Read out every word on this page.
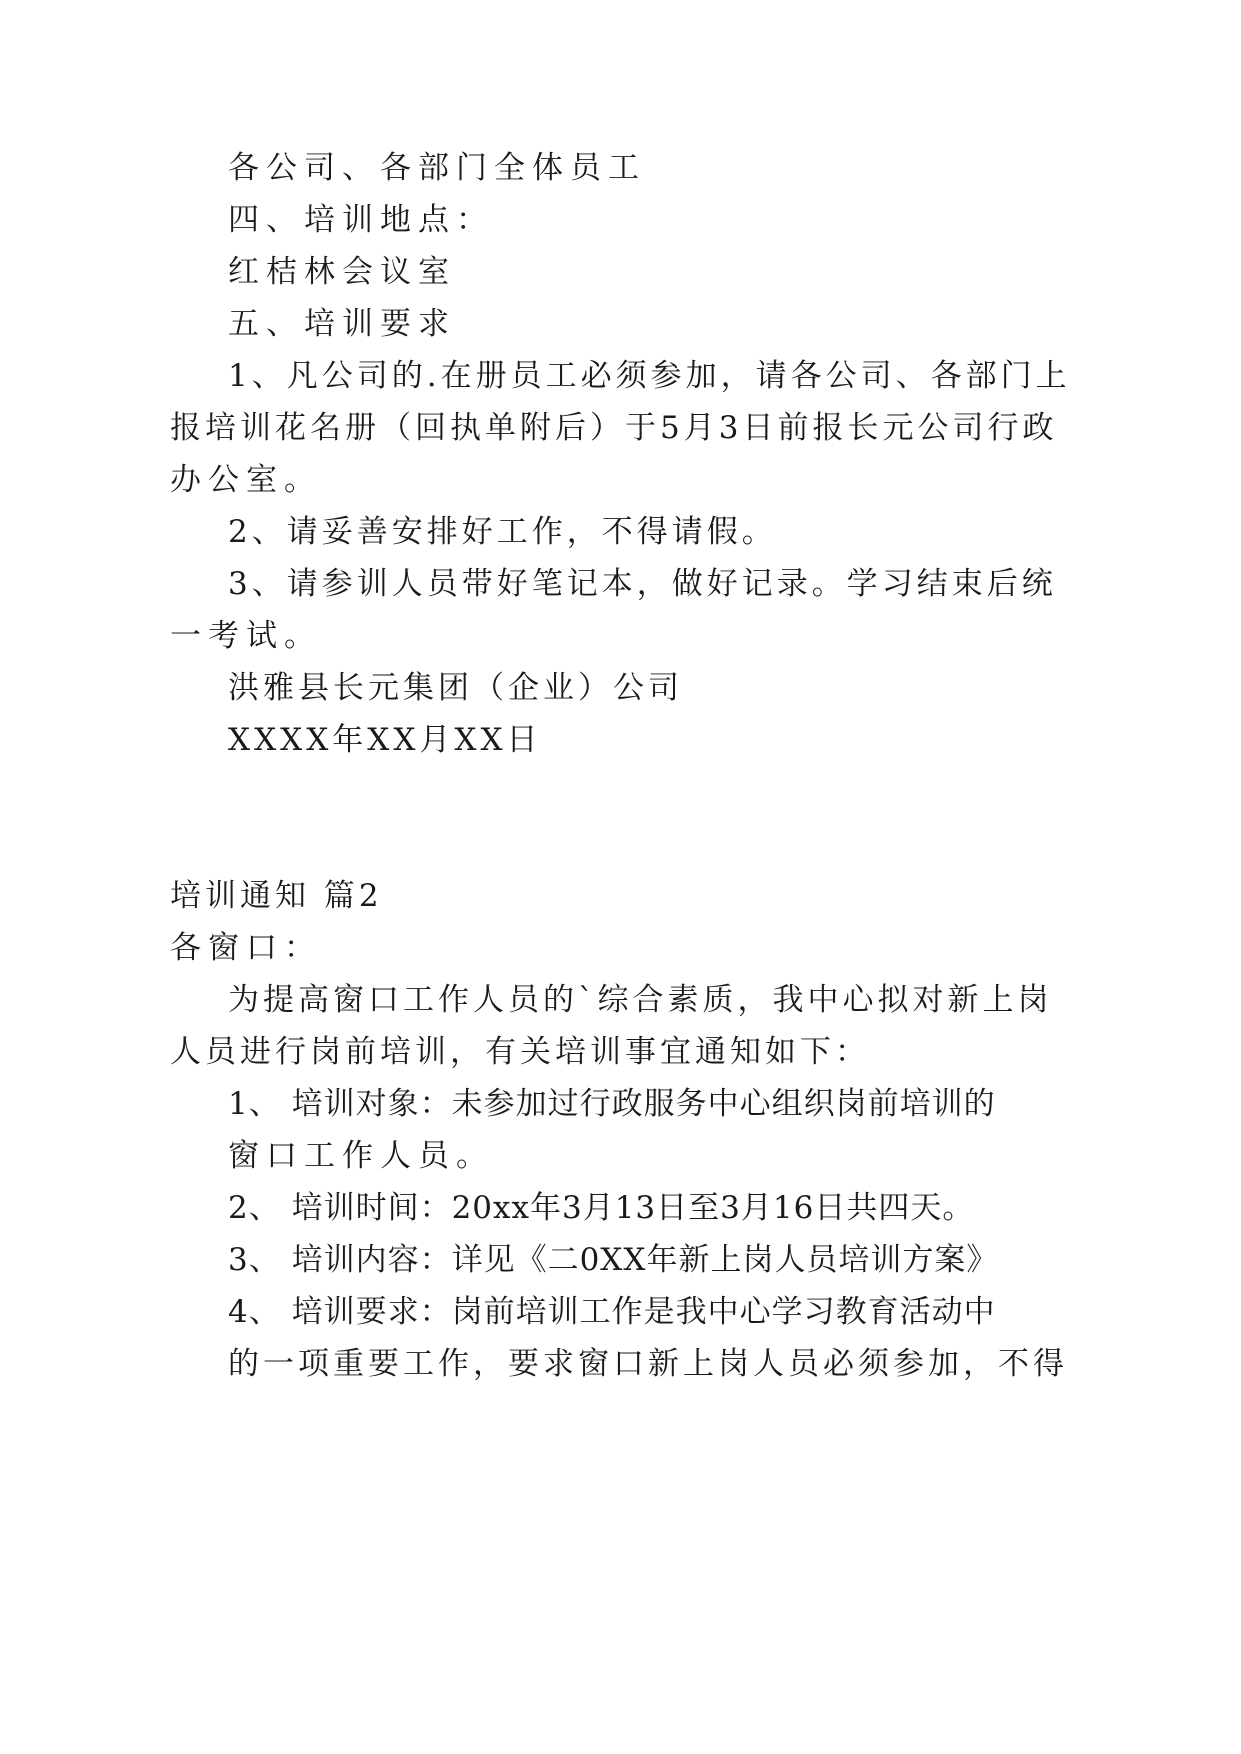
各公司、各部门全体员工
四、培训地点：
红桔林会议室
五、培训要求
1、凡公司的.在册员工必须参加，请各公司、各部门上
报培训花名册（回执单附后）于5月3日前报长元公司行政
办公室。
2、请妥善安排好工作，不得请假。
3、请参训人员带好笔记本，做好记录。学习结束后统
一考试。
洪雅县长元集团（企业）公司
XXXX年XX月XX日
培训通知 篇2
各窗口：
为提高窗口工作人员的`综合素质，我中心拟对新上岗
人员进行岗前培训，有关培训事宜通知如下：
1、 培训对象：未参加过行政服务中心组织岗前培训的
窗口工作人员。
2、 培训时间：20xx年3月13日至3月16日共四天。
3、 培训内容：详见《二0XX年新上岗人员培训方案》
4、 培训要求：岗前培训工作是我中心学习教育活动中
的一项重要工作，要求窗口新上岗人员必须参加，不得
